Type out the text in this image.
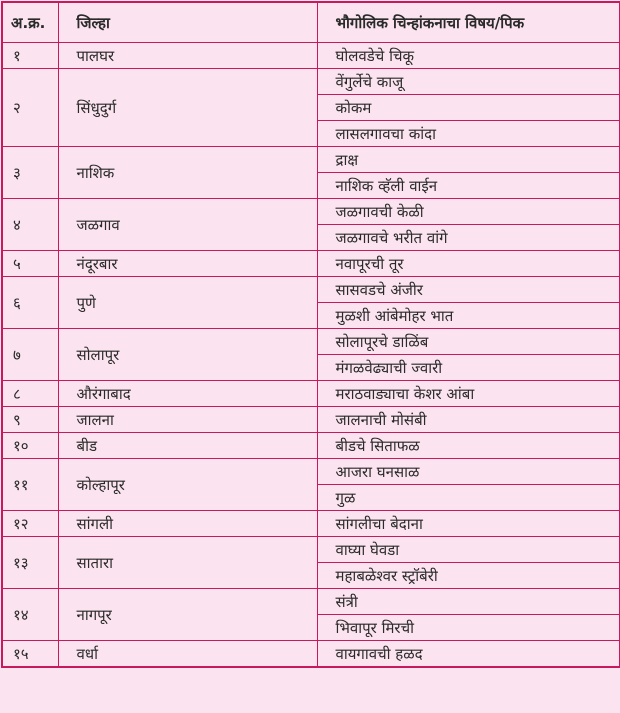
अ.क्र.	जिल्हा	भौगोलिक चिन्हांकनाचा विषय/पिक
१	पालघर	घोलवडेचे चिकू
२	सिंधुदुर्ग	वेंगुर्लेचे काजू
		कोकम
		लासलगावचा कांदा
३	नाशिक	द्राक्ष
		नाशिक व्हॅली वाईन
४	जळगाव	जळगावची केळी
		जळगावचे भरीत वांगे
५	नंदूरबार	नवापूरची तूर
६	पुणे	सासवडचे अंजीर
		मुळशी आंबेमोहर भात
७	सोलापूर	सोलापूरचे डाळिंब
		मंगळवेढ्याची ज्वारी
८	औरंगाबाद	मराठवाड्याचा केशर आंबा
९	जालना	जालनाची मोसंबी
१०	बीड	बीडचे सिताफळ
११	कोल्हापूर	आजरा घनसाळ
		गुळ
१२	सांगली	सांगलीचा बेदाना
१३	सातारा	वाघ्या घेवडा
		महाबळेश्वर स्ट्रॉबेरी
१४	नागपूर	संत्री
		भिवापूर मिरची
१५	वर्धा	वायगावची हळद
